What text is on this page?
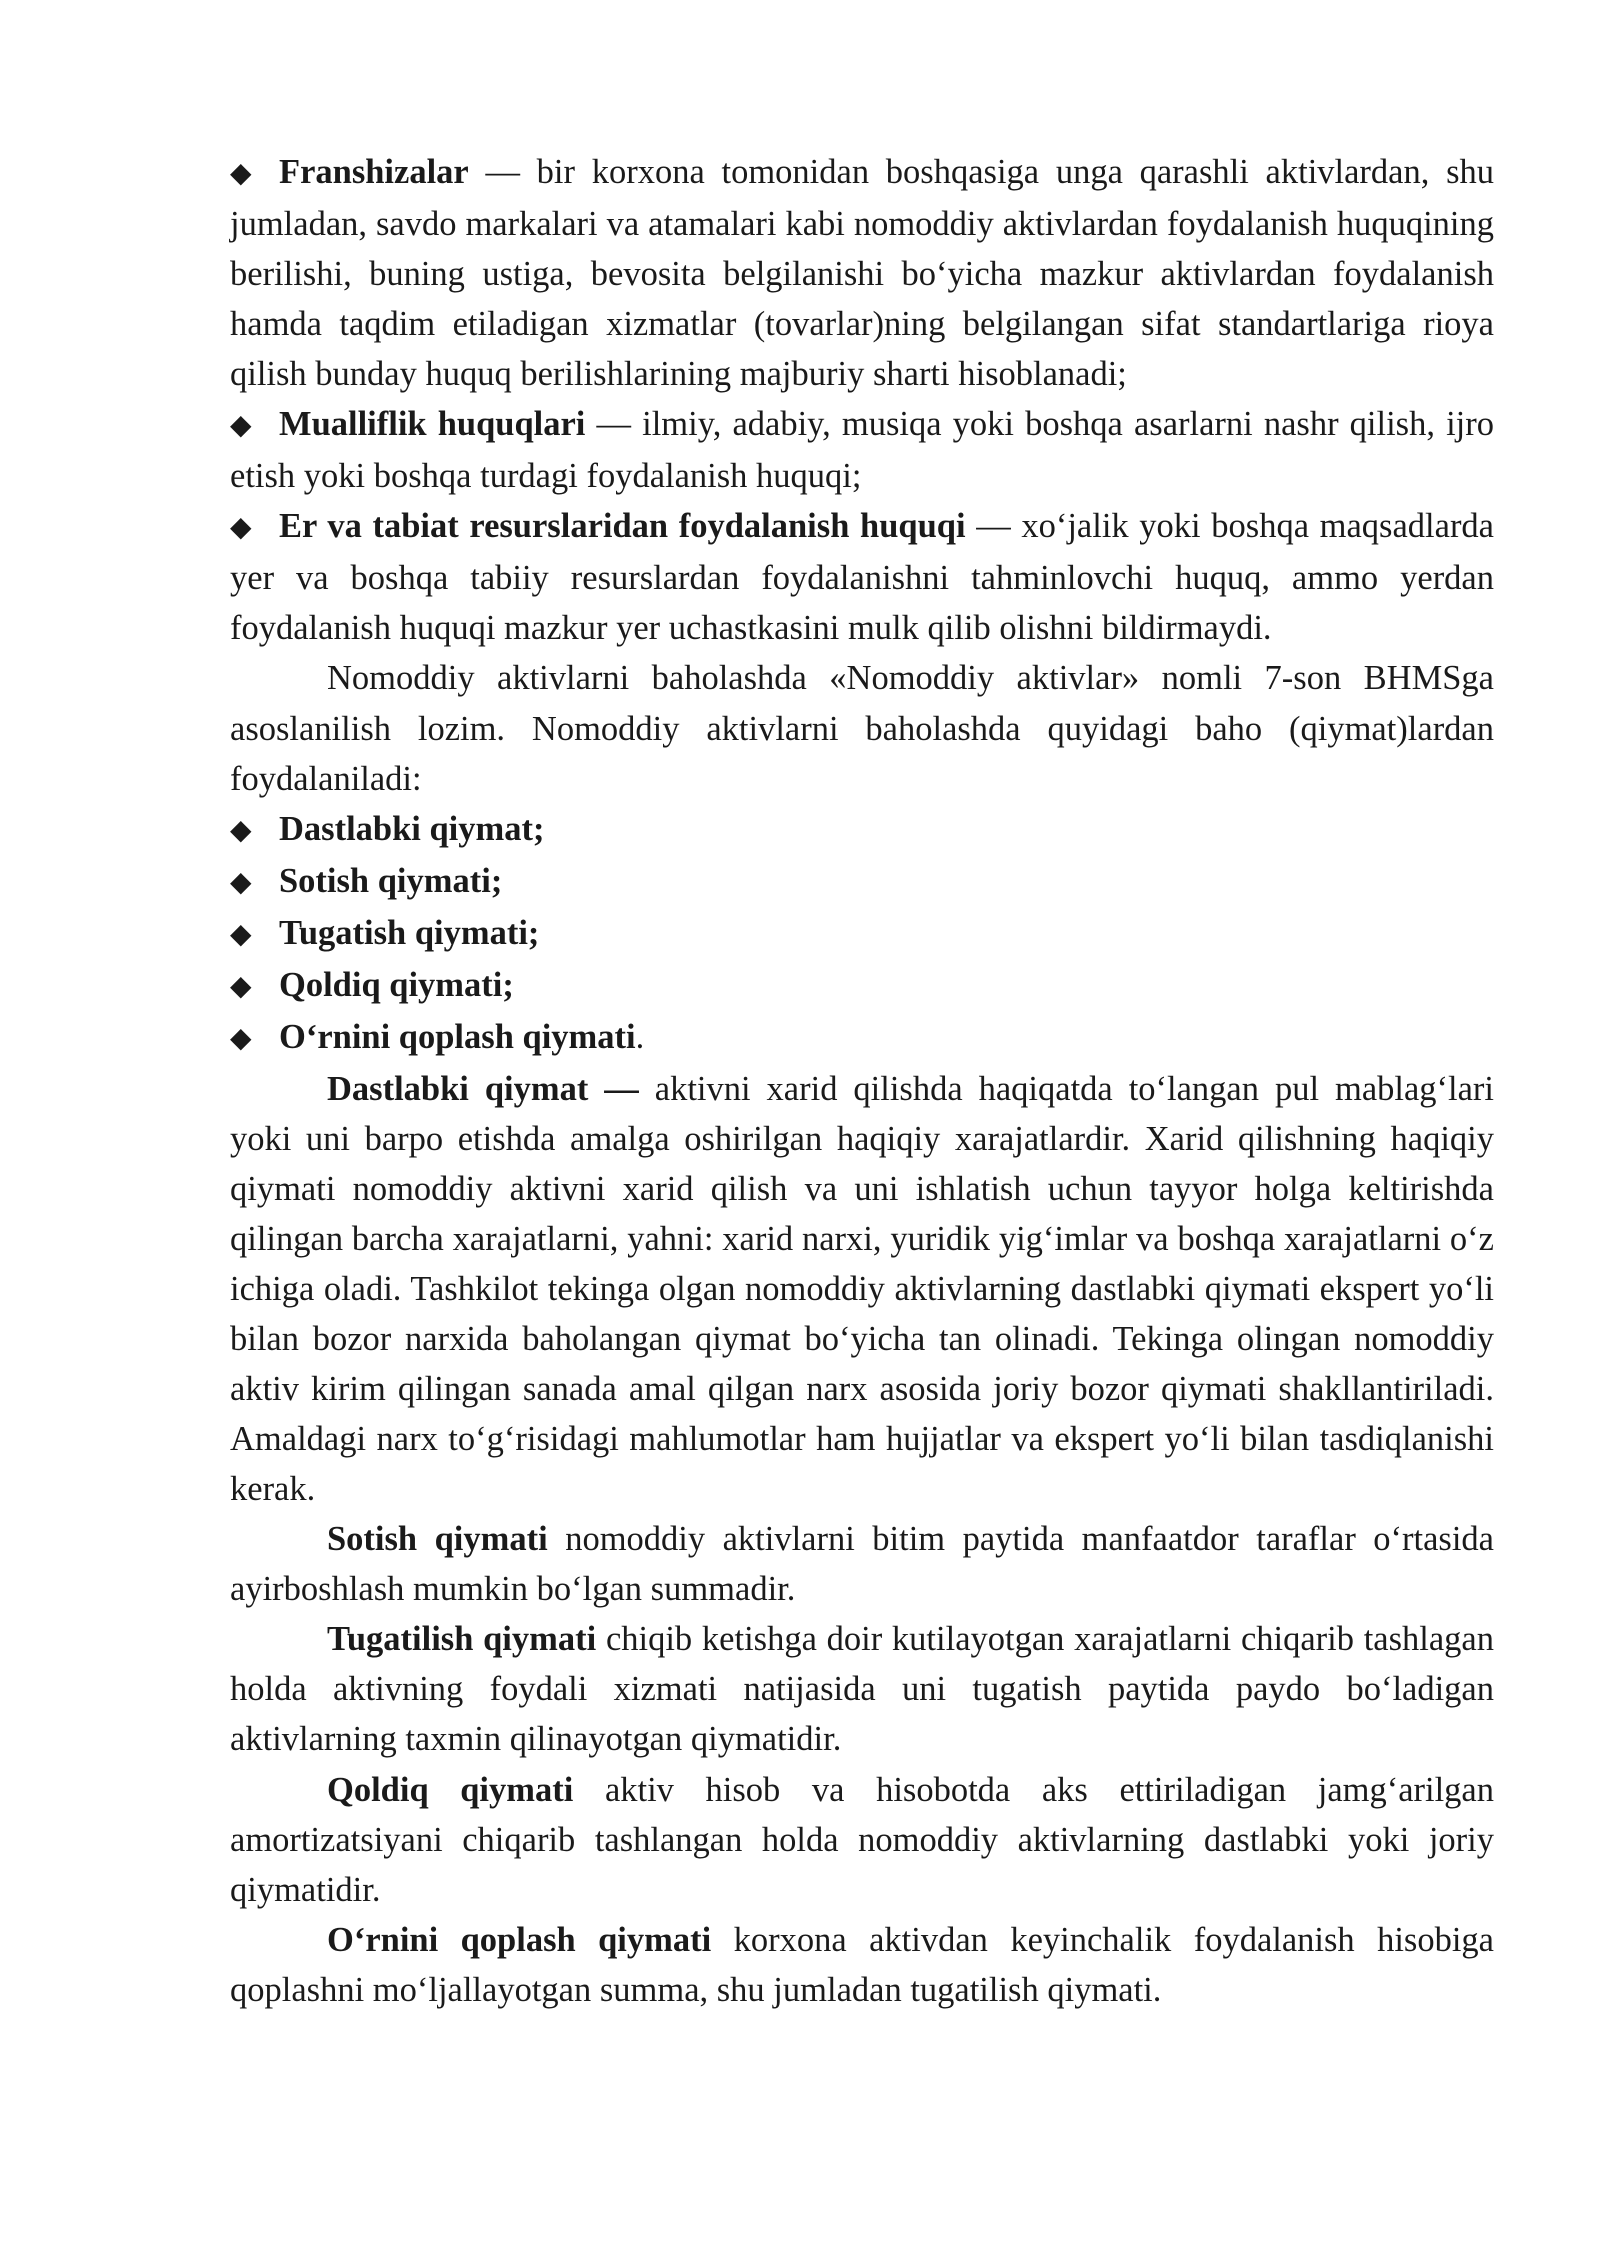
◆ Franshizalar — bir korxona tomonidan boshqasiga unga qarashli aktivlardan, shu jumladan, savdo markalari va atamalari kabi nomoddiy aktivlardan foydalanish huquqining berilishi, buning ustiga, bevosita belgilanishi boʻyicha mazkur aktivlardan foydalanish hamda taqdim etiladigan xizmatlar (tovarlar)ning belgilangan sifat standartlariga rioya qilish bunday huquq berilishlarining majburiy sharti hisoblanadi;

◆ Mualliflik huquqlari — ilmiy, adabiy, musiqa yoki boshqa asarlarni nashr qilish, ijro etish yoki boshqa turdagi foydalanish huquqi;

◆ Er va tabiat resurslaridan foydalanish huquqi — xoʻjalik yoki boshqa maqsadlarda yer va boshqa tabiiy resurslardan foydalanishni tahminlovchi huquq, ammo yerdan foydalanish huquqi mazkur yer uchastkasini mulk qilib olishni bildirmaydi.

Nomoddiy aktivlarni baholashda «Nomoddiy aktivlar» nomli 7-son BHMSga asoslanilish lozim. Nomoddiy aktivlarni baholashda quyidagi baho (qiymat)lardan foydalaniladi:

◆ Dastlabki qiymat;

◆ Sotish qiymati;

◆ Tugatish qiymati;

◆ Qoldiq qiymati;

◆ Oʻrnini qoplash qiymati.

Dastlabki qiymat — aktivni xarid qilishda haqiqatda toʻlangan pul mablagʻlari yoki uni barpo etishda amalga oshirilgan haqiqiy xarajatlardir. Xarid qilishning haqiqiy qiymati nomoddiy aktivni xarid qilish va uni ishlatish uchun tayyor holga keltirishda qilingan barcha xarajatlarni, yahni: xarid narxi, yuridik yigʻimlar va boshqa xarajatlarni oʻz ichiga oladi. Tashkilot tekinga olgan nomoddiy aktivlarning dastlabki qiymati ekspert yoʻli bilan bozor narxida baholangan qiymat boʻyicha tan olinadi. Tekinga olingan nomoddiy aktiv kirim qilingan sanada amal qilgan narx asosida joriy bozor qiymati shakllantiriladi. Amaldagi narx toʻgʻrisidagi mahlumotlar ham hujjatlar va ekspert yoʻli bilan tasdiqlanishi kerak.

Sotish qiymati nomoddiy aktivlarni bitim paytida manfaatdor taraflar oʻrtasida ayirboshlash mumkin boʻlgan summadir.

Tugatilish qiymati chiqib ketishga doir kutilayotgan xarajatlarni chiqarib tashlagan holda aktivning foydali xizmati natijasida uni tugatish paytida paydo boʻladigan aktivlarning taxmin qilinayotgan qiymatidir.

Qoldiq qiymati aktiv hisob va hisobotda aks ettiriladigan jamgʻarilgan amortizatsiyani chiqarib tashlangan holda nomoddiy aktivlarning dastlabki yoki joriy qiymatidir.

Oʻrnini qoplash qiymati korxona aktivdan keyinchalik foydalanish hisobiga qoplashni moʻljallayotgan summa, shu jumladan tugatilish qiymati.
